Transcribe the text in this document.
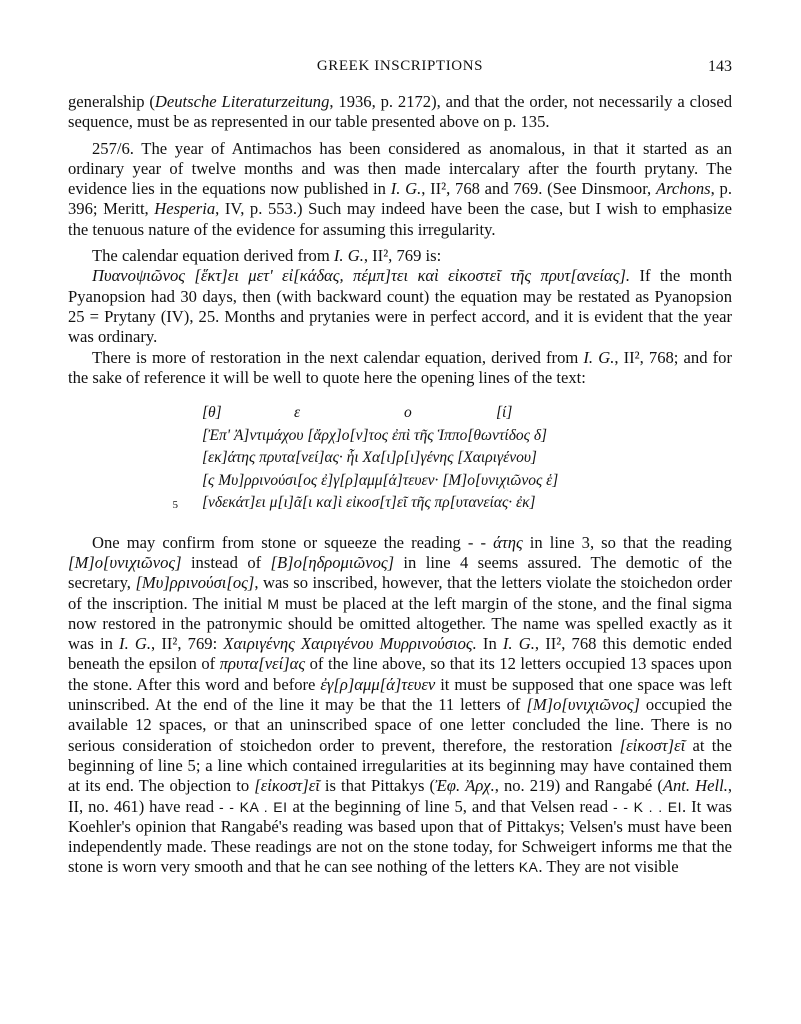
GREEK INSCRIPTIONS	143

generalship (Deutsche Literaturzeitung, 1936, p. 2172), and that the order, not necessarily a closed sequence, must be as represented in our table presented above on p. 135.

257/6. The year of Antimachos has been considered as anomalous, in that it started as an ordinary year of twelve months and was then made intercalary after the fourth prytany. The evidence lies in the equations now published in I. G., II², 768 and 769. (See Dinsmoor, Archons, p. 396; Meritt, Hesperia, IV, p. 553.) Such may indeed have been the case, but I wish to emphasize the tenuous nature of the evidence for assuming this irregularity.

The calendar equation derived from I. G., II², 769 is:

Πυανοψιῶνος [ἕκτ]ει μετ' εἰ[κάδας, πέμπ]τει καὶ εἰκοστεῖ τῆς πρυτ[ανείας]. If the month Pyanopsion had 30 days, then (with backward count) the equation may be restated as Pyanopsion 25 = Prytany (IV), 25. Months and prytanies were in perfect accord, and it is evident that the year was ordinary.

There is more of restoration in the next calendar equation, derived from I. G., II², 768; and for the sake of reference it will be well to quote here the opening lines of the text:

[θ]	ε	ο	[ί]
[Ἐπ' Ἀ]ντιμάχου [ἄρχ]ο[ν]τος ἐπὶ τῆς Ἱππο[θωντίδος δ]
[εκ]άτης πρυτα[νεί]ας· ἧι Χα[ι]ρ[ι]γένης [Χαιριγένου]
[ς Μυ]ρρινούσι[ος ἐ]γ[ρ]αμμ[ά]τευεν· [Μ]ο[υνιχιῶνος ἑ]
5 [νδεκάτ]ει μ[ι]ᾶ[ι κα]ὶ εἰκοσ[τ]εῖ τῆς πρ[υτανείας· ἐκ]

One may confirm from stone or squeeze the reading - - άτης in line 3, so that the reading [M]ο[υνιχιῶνος] instead of [B]ο[ηδρομιῶνος] in line 4 seems assured. The demotic of the secretary, [Μυ]ρρινούσι[ος], was so inscribed, however, that the letters violate the stoichedon order of the inscription. The initial M must be placed at the left margin of the stone, and the final sigma now restored in the patronymic should be omitted altogether. The name was spelled exactly as it was in I. G., II², 769: Χαιριγένης Χαιριγένου Μυρρινούσιος. In I. G., II², 768 this demotic ended beneath the epsilon of πρυτα[νεί]ας of the line above, so that its 12 letters occupied 13 spaces upon the stone. After this word and before ἐγ[ρ]αμμ[ά]τευεν it must be supposed that one space was left uninscribed. At the end of the line it may be that the 11 letters of [M]ο[υνιχιῶνος] occupied the available 12 spaces, or that an uninscribed space of one letter concluded the line. There is no serious consideration of stoichedon order to prevent, therefore, the restoration [εἰκοστ]εῖ at the beginning of line 5; a line which contained irregularities at its beginning may have contained them at its end. The objection to [εἰκοστ]εῖ is that Pittakys (Ἐφ. Ἀρχ., no. 219) and Rangabé (Ant. Hell., II, no. 461) have read - - KA . EI at the beginning of line 5, and that Velsen read - - K . . EI. It was Koehler's opinion that Rangabé's reading was based upon that of Pittakys; Velsen's must have been independently made. These readings are not on the stone today, for Schweigert informs me that the stone is worn very smooth and that he can see nothing of the letters KA. They are not visible
